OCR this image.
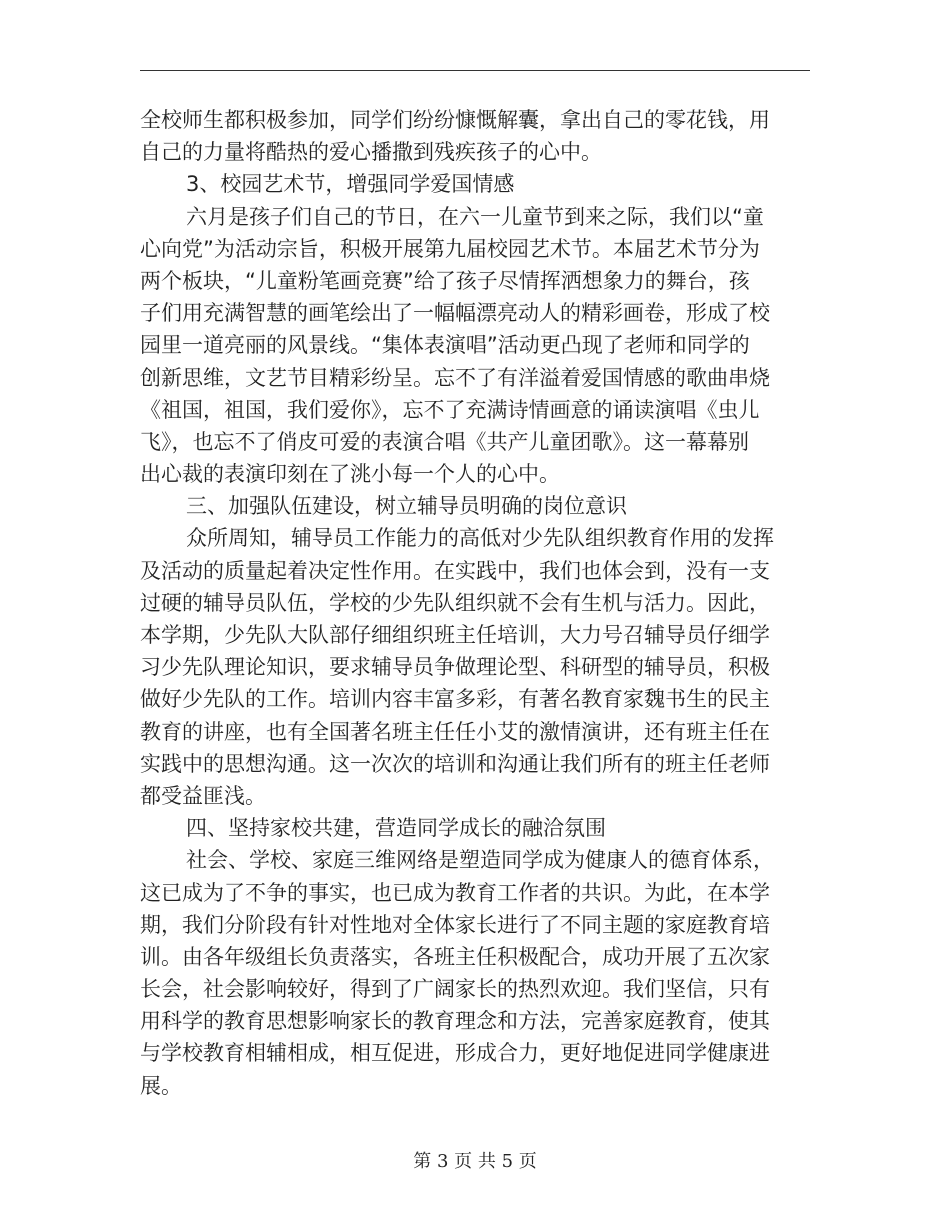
全校师生都积极参加，同学们纷纷慷慨解囊，拿出自己的零花钱，用
自己的力量将酷热的爱心播撒到残疾孩子的心中。
3、校园艺术节，增强同学爱国情感
六月是孩子们自己的节日，在六一儿童节到来之际，我们以“童
心向党”为活动宗旨，积极开展第九届校园艺术节。本届艺术节分为
两个板块，“儿童粉笔画竞赛”给了孩子尽情挥洒想象力的舞台，孩
子们用充满智慧的画笔绘出了一幅幅漂亮动人的精彩画卷，形成了校
园里一道亮丽的风景线。“集体表演唱”活动更凸现了老师和同学的
创新思维，文艺节目精彩纷呈。忘不了有洋溢着爱国情感的歌曲串烧
《祖国，祖国，我们爱你》，忘不了充满诗情画意的诵读演唱《虫儿
飞》，也忘不了俏皮可爱的表演合唱《共产儿童团歌》。这一幕幕别
出心裁的表演印刻在了洮小每一个人的心中。
三、加强队伍建设，树立辅导员明确的岗位意识
众所周知，辅导员工作能力的高低对少先队组织教育作用的发挥
及活动的质量起着决定性作用。在实践中，我们也体会到，没有一支
过硬的辅导员队伍，学校的少先队组织就不会有生机与活力。因此，
本学期，少先队大队部仔细组织班主任培训，大力号召辅导员仔细学
习少先队理论知识，要求辅导员争做理论型、科研型的辅导员，积极
做好少先队的工作。培训内容丰富多彩，有著名教育家魏书生的民主
教育的讲座，也有全国著名班主任任小艾的激情演讲，还有班主任在
实践中的思想沟通。这一次次的培训和沟通让我们所有的班主任老师
都受益匪浅。
四、坚持家校共建，营造同学成长的融洽氛围
社会、学校、家庭三维网络是塑造同学成为健康人的德育体系，
这已成为了不争的事实，也已成为教育工作者的共识。为此，在本学
期，我们分阶段有针对性地对全体家长进行了不同主题的家庭教育培
训。由各年级组长负责落实，各班主任积极配合，成功开展了五次家
长会，社会影响较好，得到了广阔家长的热烈欢迎。我们坚信，只有
用科学的教育思想影响家长的教育理念和方法，完善家庭教育，使其
与学校教育相辅相成，相互促进，形成合力，更好地促进同学健康进
展。
第 3 页 共 5 页
